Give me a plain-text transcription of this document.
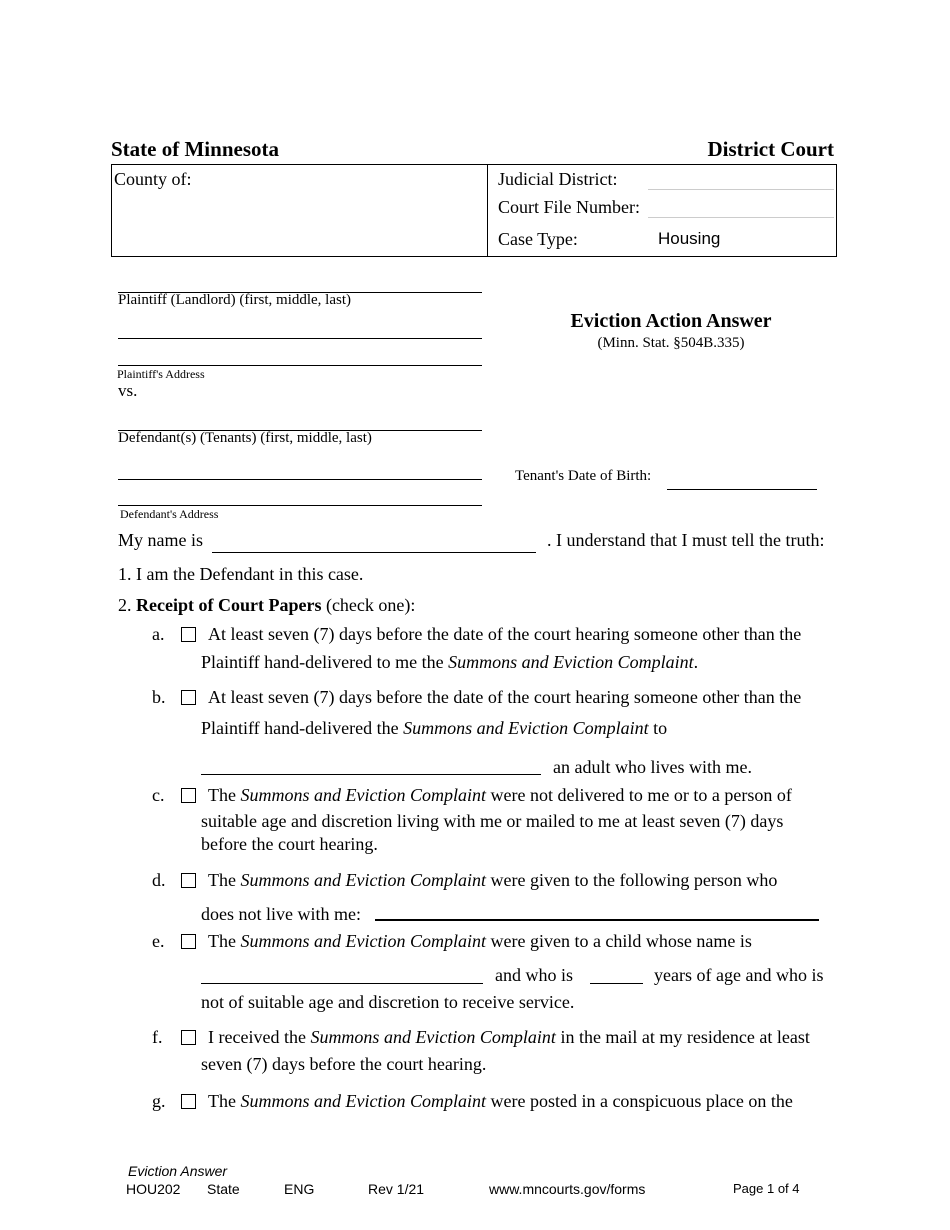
State of Minnesota	District Court
County of:	Judicial District:
Court File Number:
Case Type:	Housing
Plaintiff (Landlord) (first, middle, last)
Plaintiff's Address
vs.
Defendant(s) (Tenants) (first, middle, last)
Defendant's Address
Eviction Action Answer
(Minn. Stat. §504B.335)
Tenant's Date of Birth:
My name is	. I understand that I must tell the truth:
1. I am the Defendant in this case.
2. Receipt of Court Papers (check one):
a. At least seven (7) days before the date of the court hearing someone other than the
Plaintiff hand-delivered to me the Summons and Eviction Complaint.
b. At least seven (7) days before the date of the court hearing someone other than the
Plaintiff hand-delivered the Summons and Eviction Complaint to
an adult who lives with me.
c. The Summons and Eviction Complaint were not delivered to me or to a person of
suitable age and discretion living with me or mailed to me at least seven (7) days
before the court hearing.
d. The Summons and Eviction Complaint were given to the following person who
does not live with me:
e. The Summons and Eviction Complaint were given to a child whose name is
and who is	years of age and who is
not of suitable age and discretion to receive service.
f.	I received the Summons and Eviction Complaint in the mail at my residence at least
seven (7) days before the court hearing.
g. The Summons and Eviction Complaint were posted in a conspicuous place on the
Eviction Answer
HOU202 State	ENG	Rev 1/21	www.mncourts.gov/forms	Page 1 of 4
